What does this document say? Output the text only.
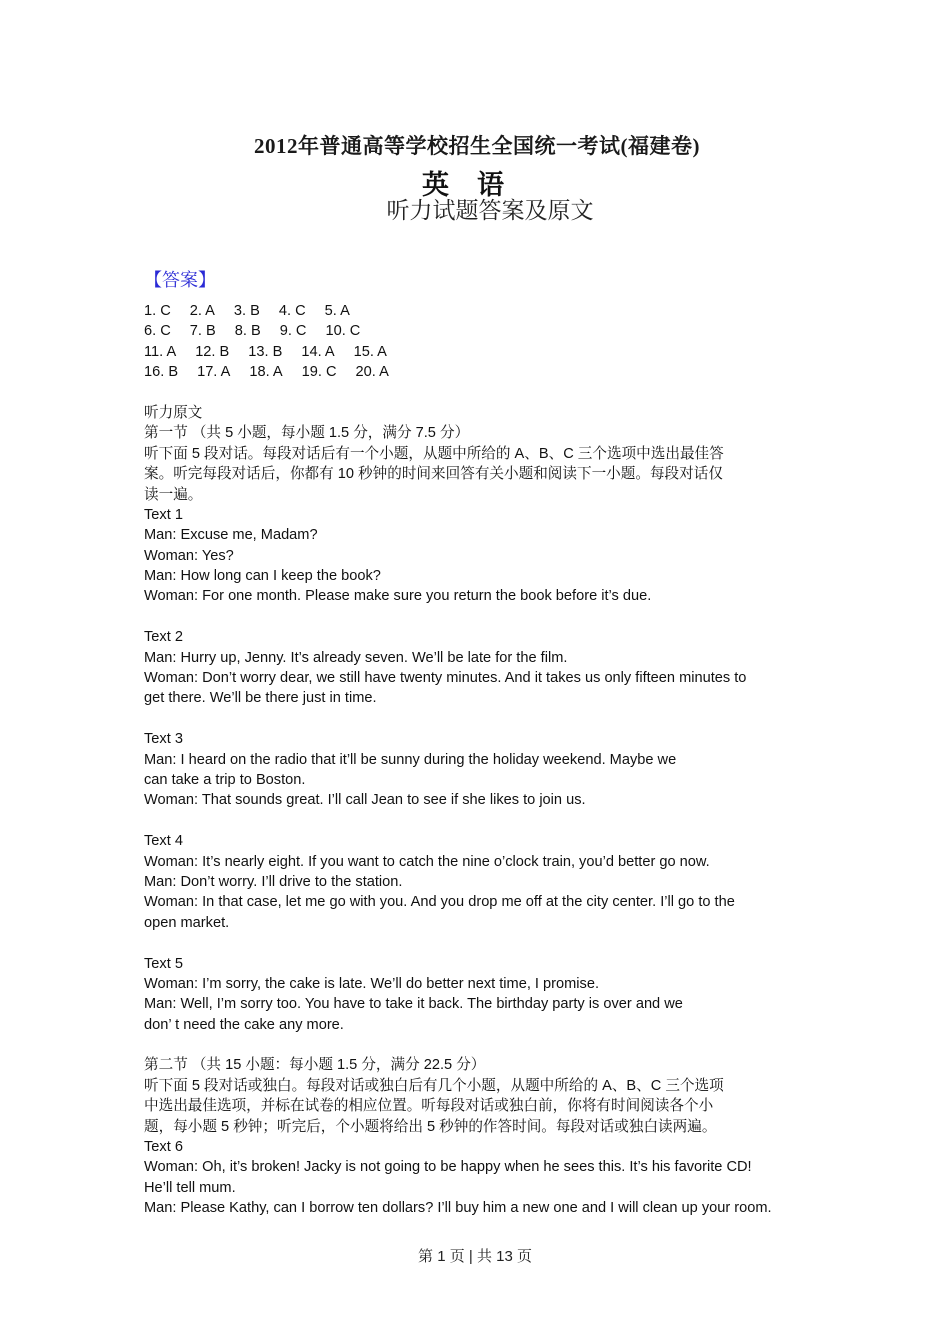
2012年普通高等学校招生全国统一考试(福建卷)
英语
听力试题答案及原文
【答案】
1. C 2. A 3. B 4. C 5. A
6. C 7. B 8. B 9. C 10. C
11. A 12. B 13. B 14. A 15. A
16. B 17. A 18. A 19. C 20. A
听力原文
第一节 （共 5 小题，每小题 1.5 分，满分 7.5 分）
听下面 5 段对话。每段对话后有一个小题，从题中所给的 A、B、C 三个选项中选出最佳答
案。听完每段对话后，你都有 10 秒钟的时间来回答有关小题和阅读下一小题。每段对话仅
读一遍。
Text 1
Man: Excuse me, Madam?
Woman: Yes?
Man: How long can I keep the book?
Woman: For one month. Please make sure you return the book before it’s due.
Text 2
Man: Hurry up, Jenny. It’s already seven. We’ll be late for the film.
Woman: Don’t worry dear, we still have twenty minutes. And it takes us only fifteen minutes to
get there. We’ll be there just in time.
Text 3
Man: I heard on the radio that it’ll be sunny during the holiday weekend. Maybe we
can take a trip to Boston.
Woman: That sounds great. I’ll call Jean to see if she likes to join us.
Text 4
Woman: It’s nearly eight. If you want to catch the nine o’clock train, you’d better go now.
Man: Don’t worry. I’ll drive to the station.
Woman: In that case, let me go with you. And you drop me off at the city center. I’ll go to the
open market.
Text 5
Woman: I’m sorry, the cake is late. We’ll do better next time, I promise.
Man: Well, I’m sorry too. You have to take it back. The birthday party is over and we
don’ t need the cake any more.
第二节 （共 15 小题：每小题 1.5 分，满分 22.5 分）
听下面 5 段对话或独白。每段对话或独白后有几个小题，从题中所给的 A、B、C 三个选项
中选出最佳选项，并标在试卷的相应位置。听每段对话或独白前，你将有时间阅读各个小
题，每小题 5 秒钟；听完后，个小题将给出 5 秒钟的作答时间。每段对话或独白读两遍。
Text 6
Woman: Oh, it’s broken! Jacky is not going to be happy when he sees this. It’s his favorite CD!
He’ll tell mum.
Man: Please Kathy, can I borrow ten dollars? I’ll buy him a new one and I will clean up your room.
第 1 页 | 共 13 页
